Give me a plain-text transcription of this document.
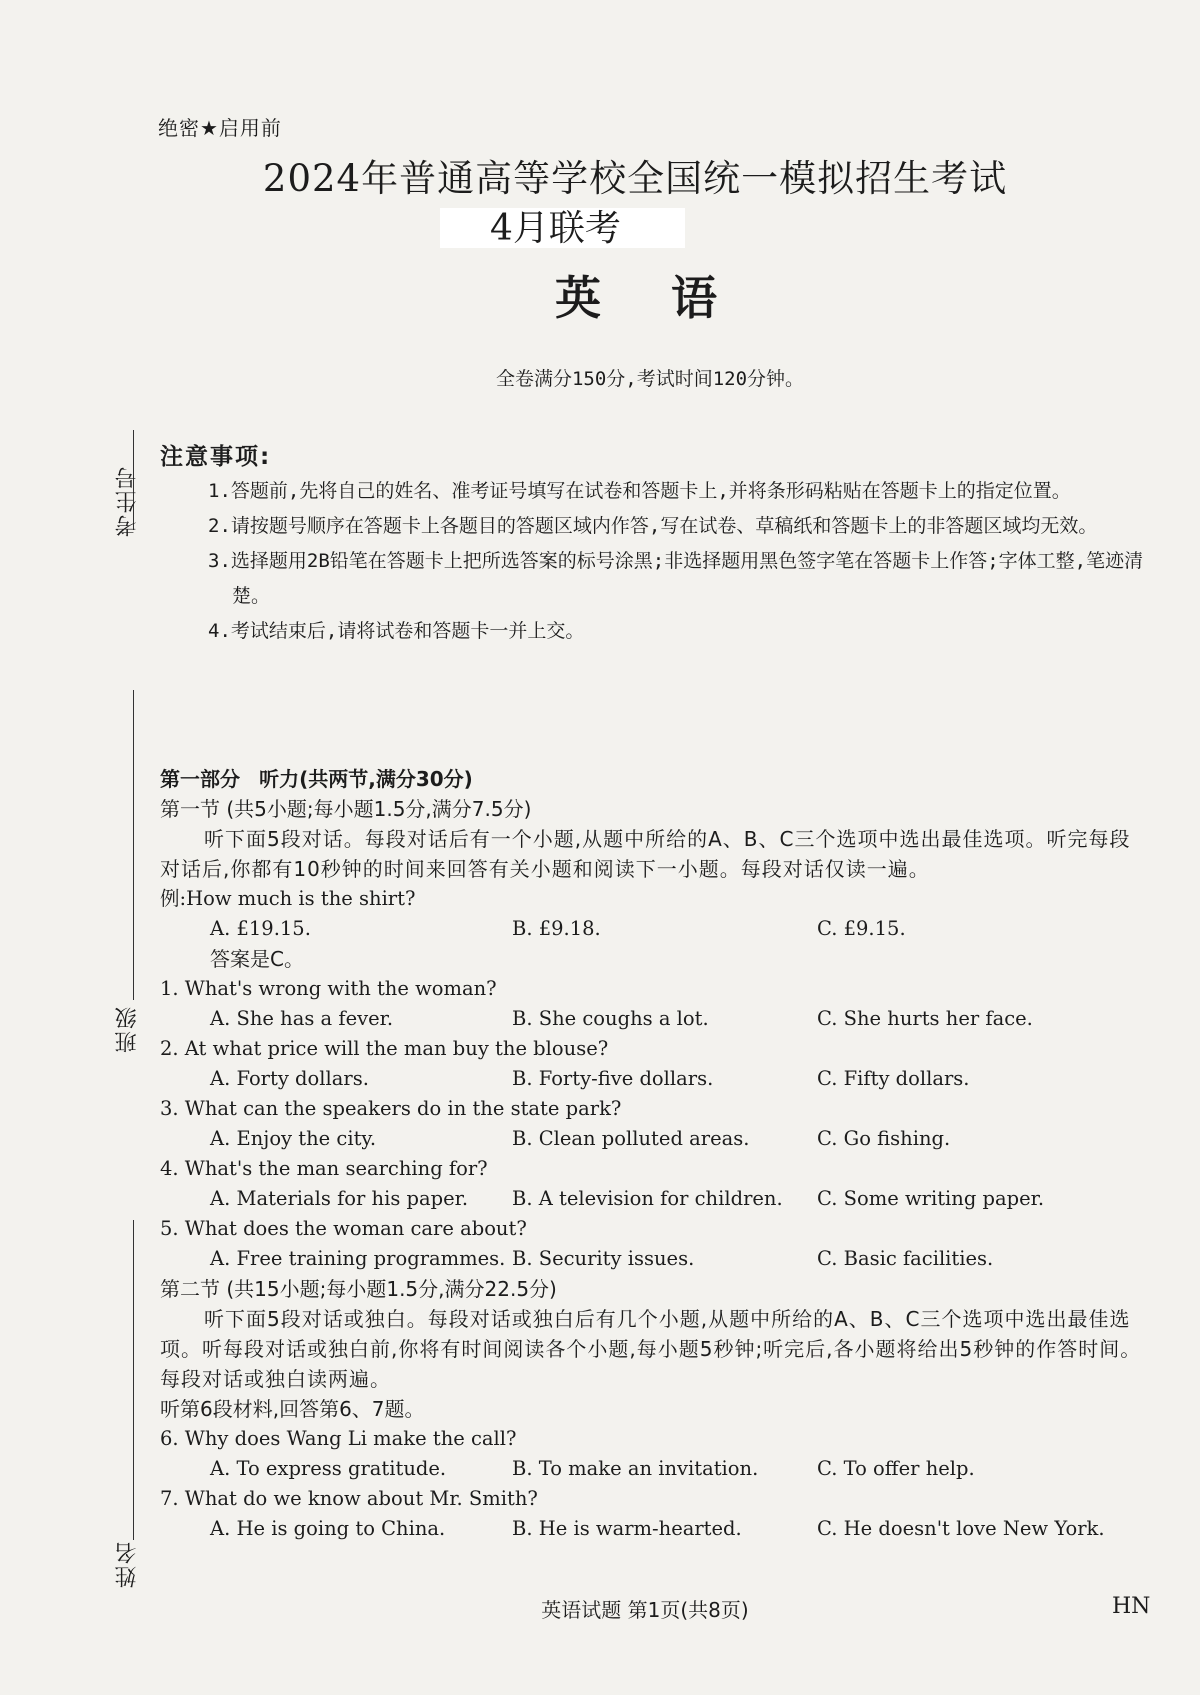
考生号
班级
姓名
绝密★启用前
2024年普通高等学校全国统一模拟招生考试
4月联考
英语
全卷满分150分,考试时间120分钟。
注意事项:
1.答题前,先将自己的姓名、准考证号填写在试卷和答题卡上,并将条形码粘贴在答题卡上的指定位置。
2.请按题号顺序在答题卡上各题目的答题区域内作答,写在试卷、草稿纸和答题卡上的非答题区域均无效。
3.选择题用2B铅笔在答题卡上把所选答案的标号涂黑;非选择题用黑色签字笔在答题卡上作答;字体工整,笔迹清楚。
4.考试结束后,请将试卷和答题卡一并上交。
第一部分 听力(共两节,满分30分)
第一节 (共5小题;每小题1.5分,满分7.5分)
听下面5段对话。每段对话后有一个小题,从题中所给的A、B、C三个选项中选出最佳选项。听完每段对话后,你都有10秒钟的时间来回答有关小题和阅读下一小题。每段对话仅读一遍。
例:How much is the shirt?
A. £19.15.	B. £9.18.	C. £9.15.
答案是C。
1. What's wrong with the woman?
A. She has a fever.	B. She coughs a lot.	C. She hurts her face.
2. At what price will the man buy the blouse?
A. Forty dollars.	B. Forty-five dollars.	C. Fifty dollars.
3. What can the speakers do in the state park?
A. Enjoy the city.	B. Clean polluted areas.	C. Go fishing.
4. What's the man searching for?
A. Materials for his paper. B. A television for children. C. Some writing paper.
5. What does the woman care about?
A. Free training programmes. B. Security issues.	C. Basic facilities.
第二节 (共15小题;每小题1.5分,满分22.5分)
听下面5段对话或独白。每段对话或独白后有几个小题,从题中所给的A、B、C三个选项中选出最佳选项。听每段对话或独白前,你将有时间阅读各个小题,每小题5秒钟;听完后,各小题将给出5秒钟的作答时间。每段对话或独白读两遍。
听第6段材料,回答第6、7题。
6. Why does Wang Li make the call?
A. To express gratitude.	B. To make an invitation.	C. To offer help.
7. What do we know about Mr. Smith?
A. He is going to China.	B. He is warm-hearted.	C. He doesn't love New York.
英语试题 第1页(共8页)	HN
